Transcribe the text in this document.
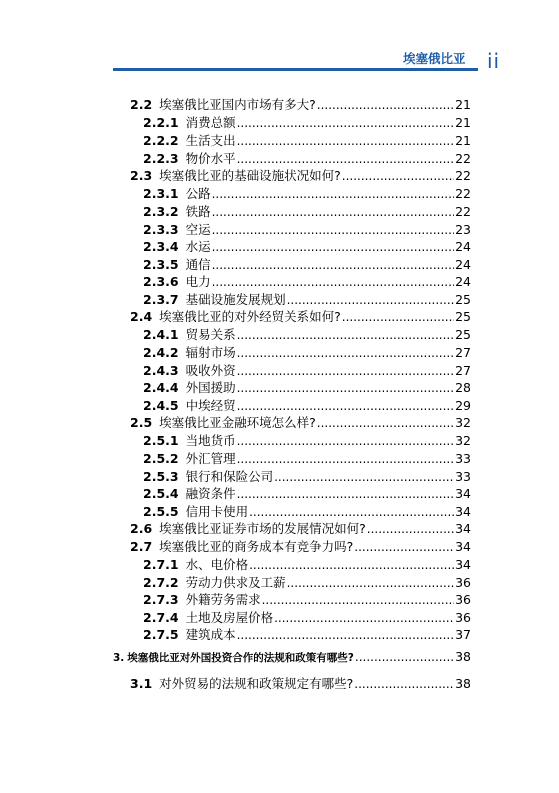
埃塞俄比亚 ii
2.2 埃塞俄比亚国内市场有多大? .....	21
2.2.1 消费总额 .....	21
2.2.2 生活支出 .....	21
2.2.3 物价水平 .....	22
2.3 埃塞俄比亚的基础设施状况如何? .....	22
2.3.1 公路 .....	22
2.3.2 铁路 .....	22
2.3.3 空运 .....	23
2.3.4 水运 .....	24
2.3.5 通信 .....	24
2.3.6 电力 .....	24
2.3.7 基础设施发展规划 .....	25
2.4 埃塞俄比亚的对外经贸关系如何? .....	25
2.4.1 贸易关系 .....	25
2.4.2 辐射市场 .....	27
2.4.3 吸收外资 .....	27
2.4.4 外国援助 .....	28
2.4.5 中埃经贸 .....	29
2.5 埃塞俄比亚金融环境怎么样? .....	32
2.5.1 当地货币 .....	32
2.5.2 外汇管理 .....	33
2.5.3 银行和保险公司 .....	33
2.5.4 融资条件 .....	34
2.5.5 信用卡使用 .....	34
2.6 埃塞俄比亚证券市场的发展情况如何? .....	34
2.7 埃塞俄比亚的商务成本有竞争力吗? .....	34
2.7.1 水、电价格 .....	34
2.7.2 劳动力供求及工薪 .....	36
2.7.3 外籍劳务需求 .....	36
2.7.4 土地及房屋价格 .....	36
2.7.5 建筑成本 .....	37
3. 埃塞俄比亚对外国投资合作的法规和政策有哪些? .....	38
3.1 对外贸易的法规和政策规定有哪些? .....	38
